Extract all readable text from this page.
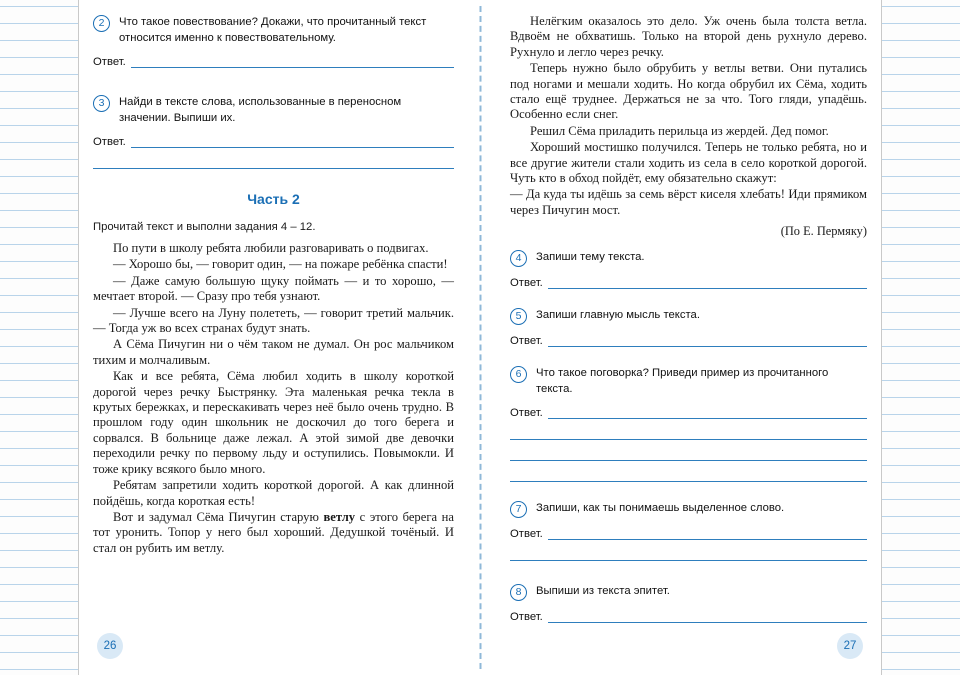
2	Что такое повествование? Докажи, что прочитанный текст относится именно к повествовательному.
Ответ.
3	Найди в тексте слова, использованные в переносном значении. Выпиши их.
Ответ.
Часть 2
Прочитай текст и выполни задания 4 – 12.

По пути в школу ребята любили разговаривать о подвигах.

— Хорошо бы, — говорит один, — на пожаре ребёнка спасти!

— Даже самую большую щуку поймать — и то хорошо, — мечтает второй. — Сразу про тебя узнают.

— Лучше всего на Луну полететь, — говорит третий мальчик. — Тогда уж во всех странах будут знать.

А Сёма Пичугин ни о чём таком не думал. Он рос мальчиком тихим и молчаливым.

Как и все ребята, Сёма любил ходить в школу короткой дорогой через речку Быстрянку. Эта маленькая речка текла в крутых бережках, и перескакивать через неё было очень трудно. В прошлом году один школьник не доскочил до того берега и сорвался. В больнице даже лежал. А этой зимой две девочки переходили речку по первому льду и оступились. Повымокли. И тоже крику всякого было много.

Ребятам запретили ходить короткой дорогой. А как длинной пойдёшь, когда короткая есть!

Вот и задумал Сёма Пичугин старую ветлу с этого берега на тот уронить. Топор у него был хороший. Дедушкой точёный. И стал он рубить им ветлу.

26

Нелёгким оказалось это дело. Уж очень была толста ветла. Вдвоём не обхватишь. Только на второй день рухнуло дерево. Рухнуло и легло через речку.

Теперь нужно было обрубить у ветлы ветви. Они путались под ногами и мешали ходить. Но когда обрубил их Сёма, ходить стало ещё труднее. Держаться не за что. Того гляди, упадёшь. Особенно если снег.

Решил Сёма приладить перильца из жердей. Дед помог.

Хороший мостишко получился. Теперь не только ребята, но и все другие жители стали ходить из села в село короткой дорогой. Чуть кто в обход пойдёт, ему обязательно скажут:

— Да куда ты идёшь за семь вёрст киселя хлебать! Иди прямиком через Пичугин мост.

(По Е. Пермяку)
4	Запиши тему текста.
Ответ.
5	Запиши главную мысль текста.
Ответ.
6	Что такое поговорка? Приведи пример из прочитанного текста.
Ответ.
7	Запиши, как ты понимаешь выделенное слово.
Ответ.
8	Выпиши из текста эпитет.
Ответ.
27
